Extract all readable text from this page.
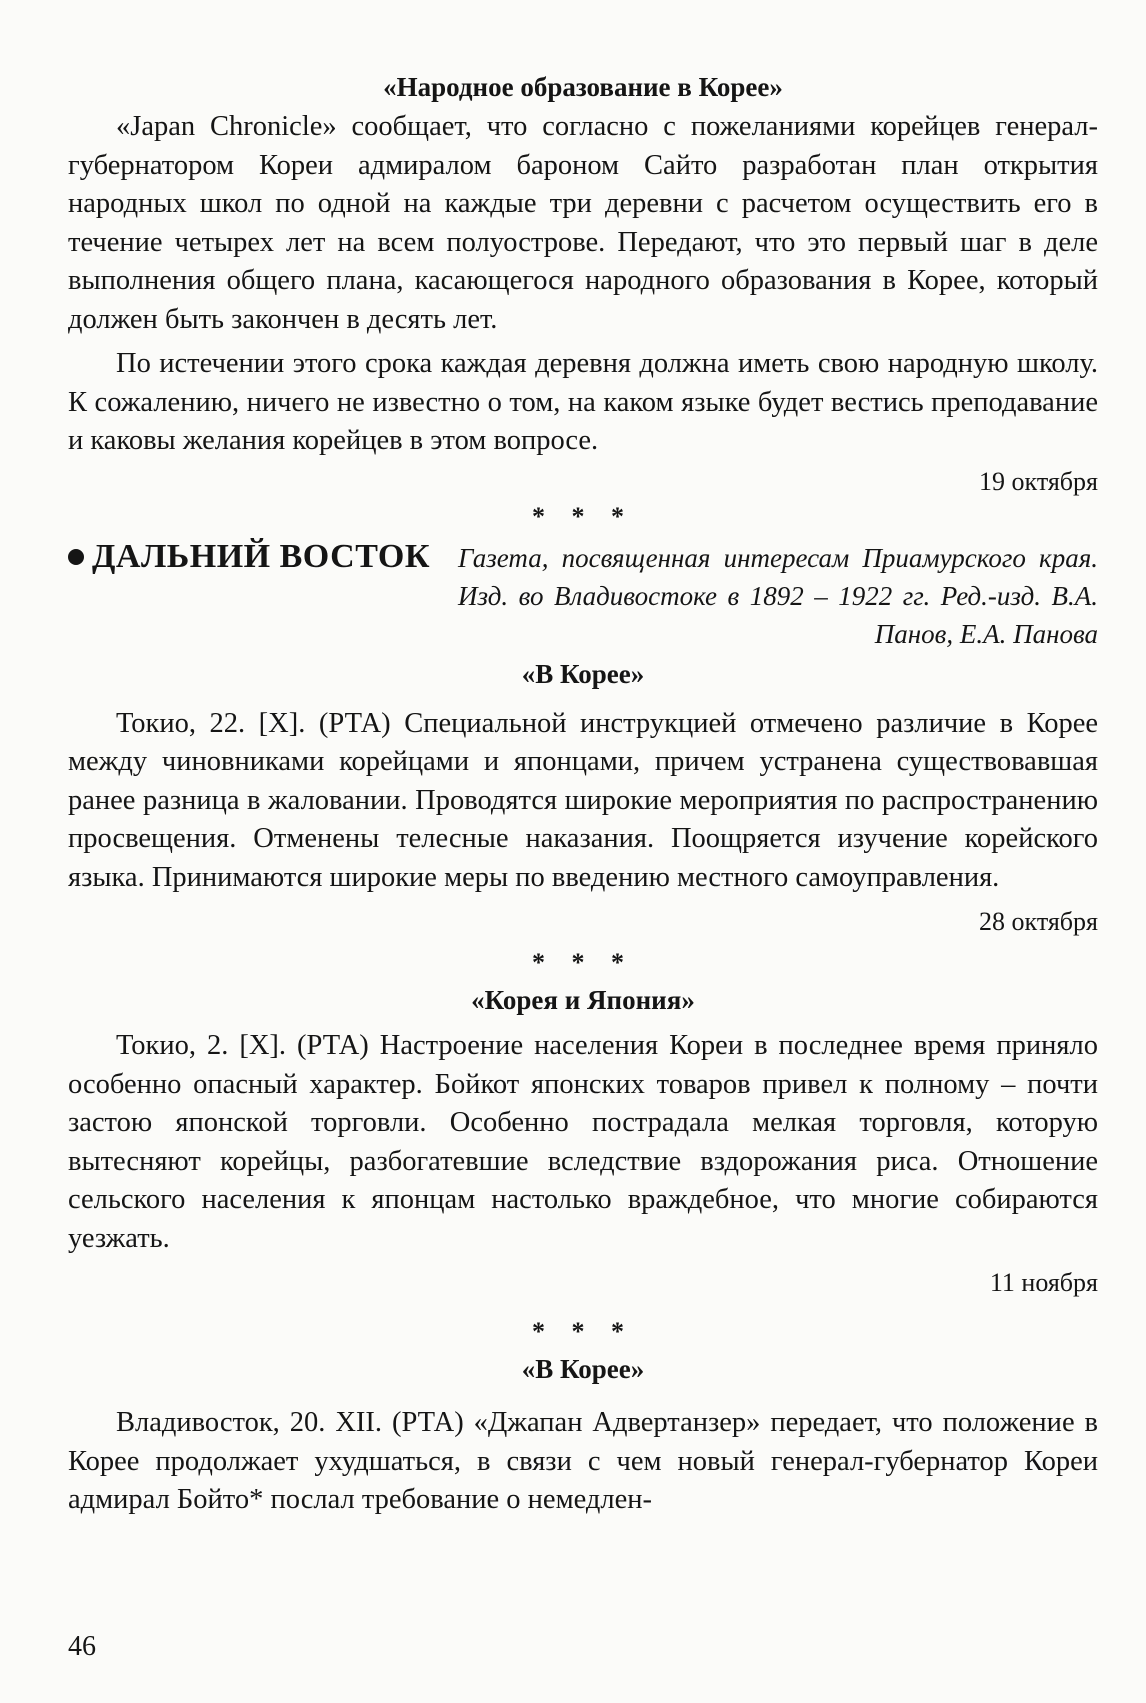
«Народное образование в Корее»

«Japan Chronicle» сообщает, что согласно с пожеланиями корейцев генерал-губернатором Кореи адмиралом бароном Сайто разработан план открытия народных школ по одной на каждые три деревни с расчетом осуществить его в течение четырех лет на всем полуострове. Передают, что это первый шаг в деле выполнения общего плана, касающегося народного образования в Корее, который должен быть закончен в десять лет.

По истечении этого срока каждая деревня должна иметь свою народную школу. К сожалению, ничего не известно о том, на каком языке будет вестись преподавание и каковы желания корейцев в этом вопросе.

19 октября

* * *

ДАЛЬНИЙ ВОСТОК Газета, посвященная интересам Приамурского края. Изд. во Владивостоке в 1892 – 1922 гг. Ред.-изд. В.А. Панов, Е.А. Панова

«В Корее»

Токио, 22. [X]. (РТА) Специальной инструкцией отмечено различие в Корее между чиновниками корейцами и японцами, причем устранена существовавшая ранее разница в жаловании. Проводятся широкие мероприятия по распространению просвещения. Отменены телесные наказания. Поощряется изучение корейского языка. Принимаются широкие меры по введению местного самоуправления.

28 октября

* * *

«Корея и Япония»

Токио, 2. [X]. (РТА) Настроение населения Кореи в последнее время приняло особенно опасный характер. Бойкот японских товаров привел к полному – почти застою японской торговли. Особенно пострадала мелкая торговля, которую вытесняют корейцы, разбогатевшие вследствие вздорожания риса. Отношение сельского населения к японцам настолько враждебное, что многие собираются уезжать.

11 ноября

* * *

«В Корее»

Владивосток, 20. XII. (РТА) «Джапан Адвертанзер» передает, что положение в Корее продолжает ухудшаться, в связи с чем новый генерал-губернатор Кореи адмирал Бойто* послал требование о немедлен-

46
